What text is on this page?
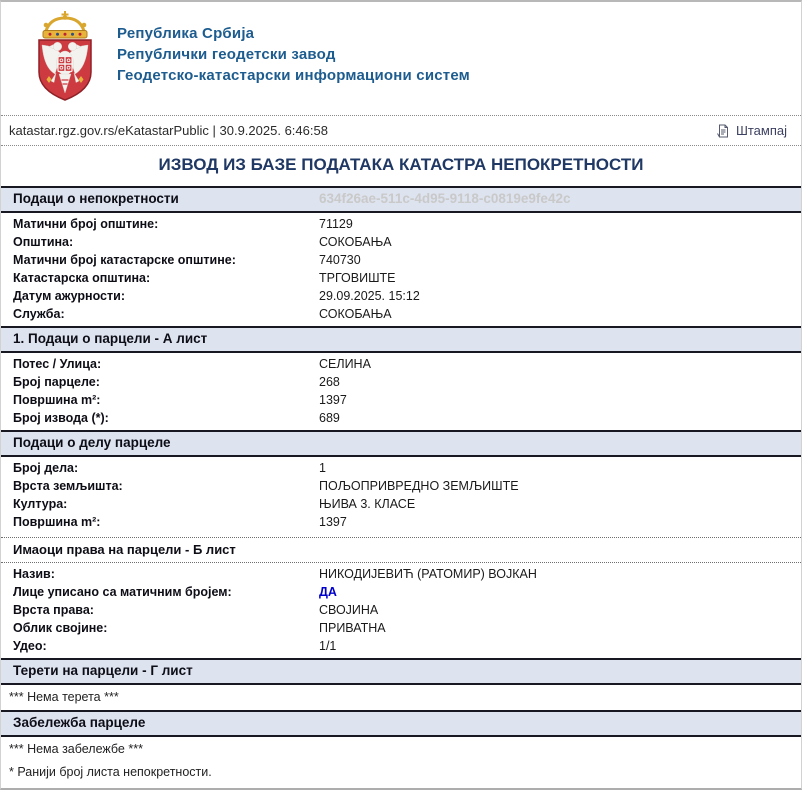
Република Србија
Републички геодетски завод
Геодетско-катастарски информациони систем
katastar.rgz.gov.rs/eKatastarPublic | 30.9.2025. 6:46:58	Штампај
ИЗВОД ИЗ БАЗЕ ПОДАТАКА КАТАСТРА НЕПОКРЕТНОСТИ
Подаци о непокретности	634f26ae-511c-4d95-9118-c0819e9fe42c
Матични број општине:	71129
Општина:	СОКОБАЊА
Матични број катастарске општине:	740730
Катастарска општина:	ТРГОВИШТЕ
Датум ажурности:	29.09.2025. 15:12
Служба:	СОКОБАЊА
1. Подаци о парцели - А лист
Потес / Улица:	СЕЛИНА
Број парцеле:	268
Површина m²:	1397
Број извода (*):	689
Подаци о делу парцеле
Број дела:	1
Врста земљишта:	ПОЉОПРИВРЕДНО ЗЕМЉИШТЕ
Култура:	ЊИВА 3. КЛАСЕ
Површина m²:	1397
Имаоци права на парцели - Б лист
Назив:	НИКОДИЈЕВИЋ (РАТОМИР) ВОЈКАН
Лице уписано са матичним бројем:	ДА
Врста права:	СВОЈИНА
Облик својине:	ПРИВАТНА
Удео:	1/1
Терети на парцели - Г лист
*** Нема терета ***
Забележба парцеле
*** Нема забележбе ***
* Ранији број листа непокретности.
